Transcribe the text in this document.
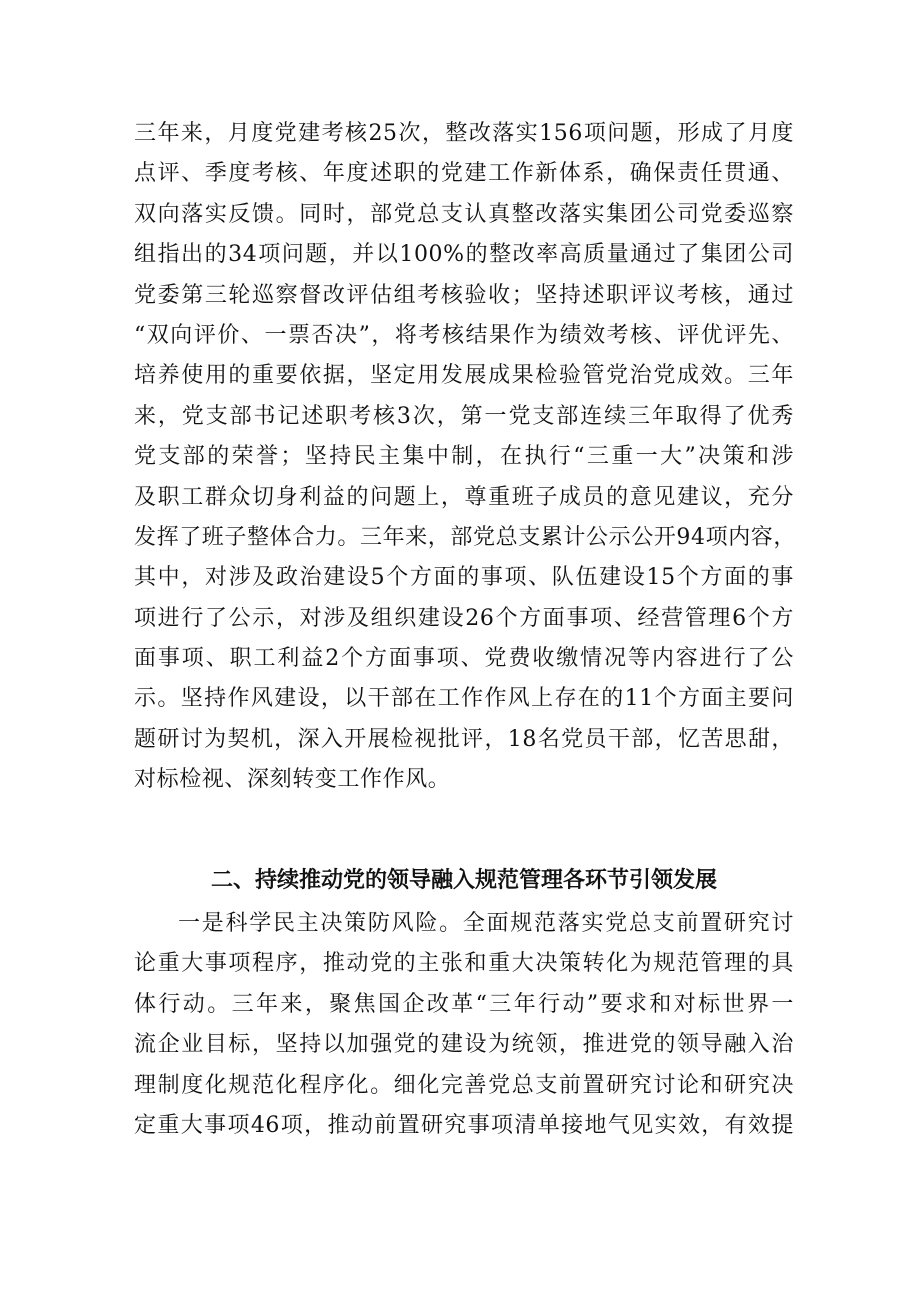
三年来，月度党建考核25次，整改落实156项问题，形成了月度
点评、季度考核、年度述职的党建工作新体系，确保责任贯通、
双向落实反馈。同时，部党总支认真整改落实集团公司党委巡察
组指出的34项问题，并以100%的整改率高质量通过了集团公司
党委第三轮巡察督改评估组考核验收；坚持述职评议考核，通过
“双向评价、一票否决”，将考核结果作为绩效考核、评优评先、
培养使用的重要依据，坚定用发展成果检验管党治党成效。三年
来，党支部书记述职考核3次，第一党支部连续三年取得了优秀
党支部的荣誉；坚持民主集中制，在执行“三重一大”决策和涉
及职工群众切身利益的问题上，尊重班子成员的意见建议，充分
发挥了班子整体合力。三年来，部党总支累计公示公开94项内容，
其中，对涉及政治建设5个方面的事项、队伍建设15个方面的事
项进行了公示，对涉及组织建设26个方面事项、经营管理6个方
面事项、职工利益2个方面事项、党费收缴情况等内容进行了公
示。坚持作风建设，以干部在工作作风上存在的11个方面主要问
题研讨为契机，深入开展检视批评，18名党员干部，忆苦思甜，
对标检视、深刻转变工作作风。
二、持续推动党的领导融入规范管理各环节引领发展
一是科学民主决策防风险。全面规范落实党总支前置研究讨
论重大事项程序，推动党的主张和重大决策转化为规范管理的具
体行动。三年来，聚焦国企改革“三年行动”要求和对标世界一
流企业目标，坚持以加强党的建设为统领，推进党的领导融入治
理制度化规范化程序化。细化完善党总支前置研究讨论和研究决
定重大事项46项，推动前置研究事项清单接地气见实效，有效提
